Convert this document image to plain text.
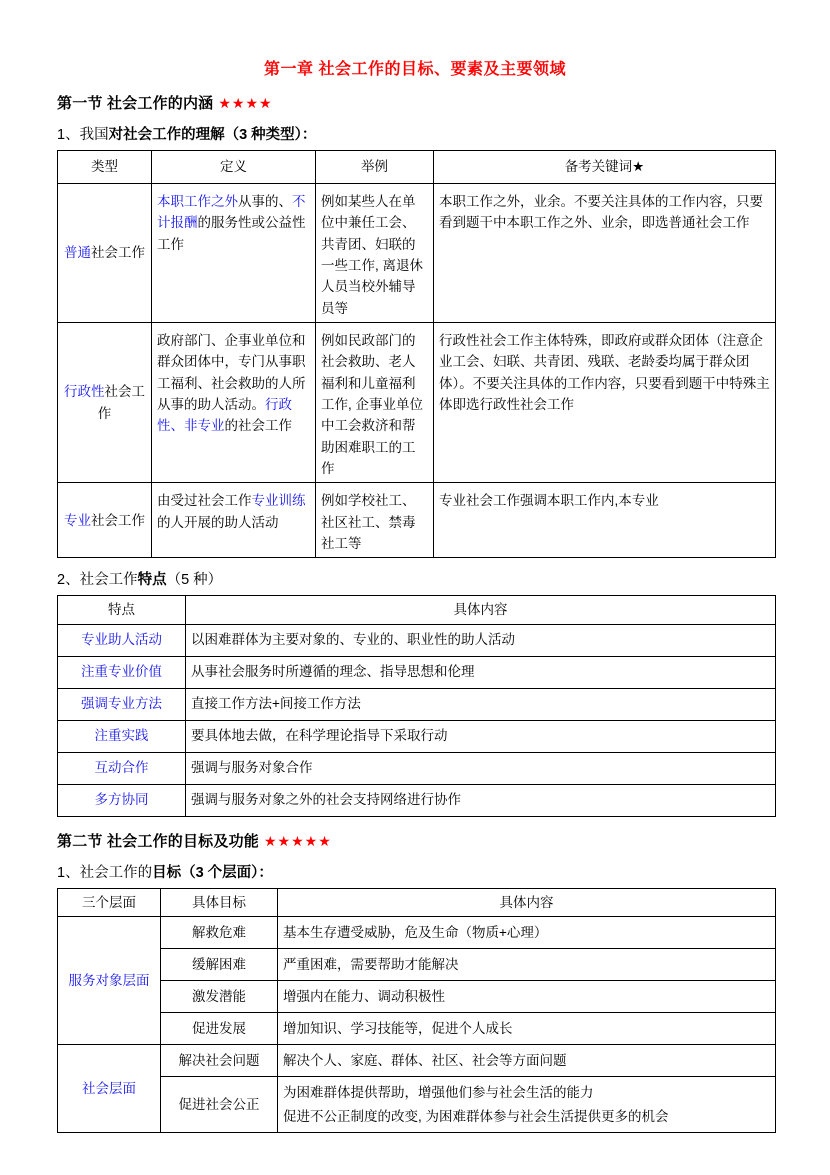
第一章 社会工作的目标、要素及主要领域
第一节 社会工作的内涵 ★★★★
1、我国对社会工作的理解（3 种类型）：
类型	定义	举例	备考关键词★
普通社会工作	本职工作之外从事的、不计报酬的服务性或公益性工作	例如某些人在单位中兼任工会、共青团、妇联的一些工作, 离退休人员当校外辅导员等	本职工作之外，业余。不要关注具体的工作内容，只要看到题干中本职工作之外、业余，即选普通社会工作
行政性社会工作	政府部门、企事业单位和群众团体中，专门从事职工福利、社会救助的人所从事的助人活动。行政性、非专业的社会工作	例如民政部门的社会救助、老人福利和儿童福利工作, 企事业单位中工会救济和帮助困难职工的工作	行政性社会工作主体特殊，即政府或群众团体（注意企业工会、妇联、共青团、残联、老龄委均属于群众团体）。不要关注具体的工作内容，只要看到题干中特殊主体即选行政性社会工作
专业社会工作	由受过社会工作专业训练的人开展的助人活动	例如学校社工、社区社工、禁毒社工等	专业社会工作强调本职工作内,本专业
2、社会工作特点（5 种）
特点	具体内容
专业助人活动	以困难群体为主要对象的、专业的、职业性的助人活动
注重专业价值	从事社会服务时所遵循的理念、指导思想和伦理
强调专业方法	直接工作方法+间接工作方法
注重实践	要具体地去做，在科学理论指导下采取行动
互动合作	强调与服务对象合作
多方协同	强调与服务对象之外的社会支持网络进行协作
第二节 社会工作的目标及功能 ★★★★★
1、社会工作的目标（3 个层面）：
三个层面	具体目标	具体内容
服务对象层面	解救危难	基本生存遭受威胁，危及生命（物质+心理）
	缓解困难	严重困难，需要帮助才能解决
	激发潜能	增强内在能力、调动积极性
	促进发展	增加知识、学习技能等，促进个人成长
社会层面	解决社会问题	解决个人、家庭、群体、社区、社会等方面问题
	促进社会公正	为困难群体提供帮助，增强他们参与社会生活的能力
促进不公正制度的改变, 为困难群体参与社会生活提供更多的机会
